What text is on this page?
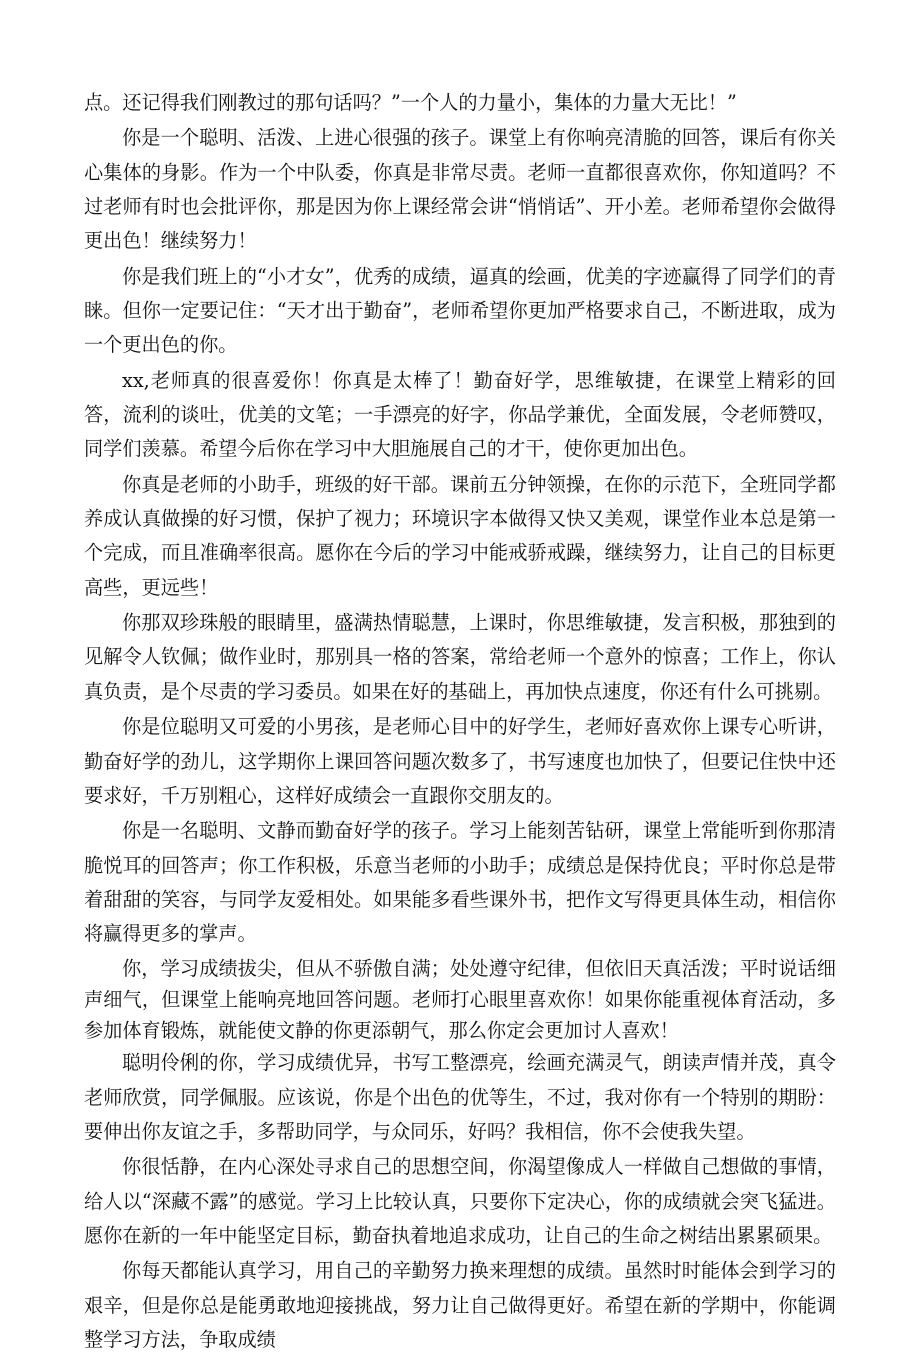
点。还记得我们刚教过的那句话吗？”一个人的力量小，集体的力量大无比！”

你是一个聪明、活泼、上进心很强的孩子。课堂上有你响亮清脆的回答，课后有你关心集体的身影。作为一个中队委，你真是非常尽责。老师一直都很喜欢你，你知道吗？不过老师有时也会批评你，那是因为你上课经常会讲“悄悄话”、开小差。老师希望你会做得更出色！继续努力！

你是我们班上的“小才女”，优秀的成绩，逼真的绘画，优美的字迹赢得了同学们的青睐。但你一定要记住：“天才出于勤奋”，老师希望你更加严格要求自己，不断进取，成为一个更出色的你。

xx,老师真的很喜爱你！你真是太棒了！勤奋好学，思维敏捷，在课堂上精彩的回答，流利的谈吐，优美的文笔；一手漂亮的好字，你品学兼优，全面发展，令老师赞叹，同学们羡慕。希望今后你在学习中大胆施展自己的才干，使你更加出色。

你真是老师的小助手，班级的好干部。课前五分钟领操，在你的示范下，全班同学都养成认真做操的好习惯，保护了视力；环境识字本做得又快又美观，课堂作业本总是第一个完成，而且准确率很高。愿你在今后的学习中能戒骄戒躁，继续努力，让自己的目标更高些，更远些！

你那双珍珠般的眼睛里，盛满热情聪慧，上课时，你思维敏捷，发言积极，那独到的见解令人钦佩；做作业时，那别具一格的答案，常给老师一个意外的惊喜；工作上，你认真负责，是个尽责的学习委员。如果在好的基础上，再加快点速度，你还有什么可挑剔。

你是位聪明又可爱的小男孩，是老师心目中的好学生，老师好喜欢你上课专心听讲，勤奋好学的劲儿，这学期你上课回答问题次数多了，书写速度也加快了，但要记住快中还要求好，千万别粗心，这样好成绩会一直跟你交朋友的。

你是一名聪明、文静而勤奋好学的孩子。学习上能刻苦钻研，课堂上常能听到你那清脆悦耳的回答声；你工作积极，乐意当老师的小助手；成绩总是保持优良；平时你总是带着甜甜的笑容，与同学友爱相处。如果能多看些课外书，把作文写得更具体生动，相信你将赢得更多的掌声。

你，学习成绩拔尖，但从不骄傲自满；处处遵守纪律，但依旧天真活泼；平时说话细声细气，但课堂上能响亮地回答问题。老师打心眼里喜欢你！如果你能重视体育活动，多参加体育锻炼，就能使文静的你更添朝气，那么你定会更加讨人喜欢！

聪明伶俐的你，学习成绩优异，书写工整漂亮，绘画充满灵气，朗读声情并茂，真令老师欣赏，同学佩服。应该说，你是个出色的优等生，不过，我对你有一个特别的期盼：要伸出你友谊之手，多帮助同学，与众同乐，好吗？我相信，你不会使我失望。

你很恬静，在内心深处寻求自己的思想空间，你渴望像成人一样做自己想做的事情，给人以“深藏不露”的感觉。学习上比较认真，只要你下定决心，你的成绩就会突飞猛进。愿你在新的一年中能坚定目标，勤奋执着地追求成功，让自己的生命之树结出累累硕果。

你每天都能认真学习，用自己的辛勤努力换来理想的成绩。虽然时时能体会到学习的艰辛，但是你总是能勇敢地迎接挑战，努力让自己做得更好。希望在新的学期中，你能调整学习方法，争取成绩
